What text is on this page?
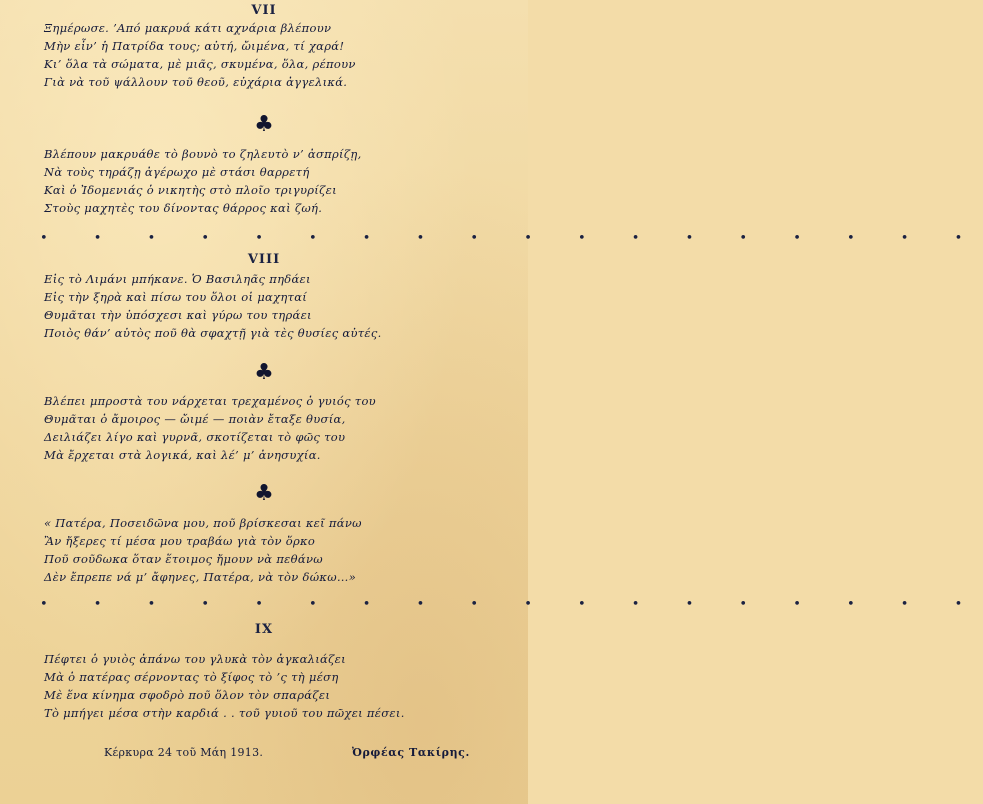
VII
Ξημέρωσε. ’Από μακρυά κάτι αχνάρια βλέπουν
Μὴν εἶν’ ἡ Πατρίδα τους; αὐτή, ὤιμένα, τί χαρά!
Κι’ ὅλα τὰ σώματα, μὲ μιᾶς, σκυμένα, ὅλα, ρέπουν
Γιὰ νὰ τοῦ ψάλλουν τοῦ θεοῦ, εὐχάρια ἀγγελικά.
♣
Βλέπουν μακρυάθε τὸ βουνὸ το ζηλευτὸ ν’ ἀσπρίζῃ,
Νὰ τοὺς τηράζῃ ἀγέρωχο μὲ στάσι θαρρετή
Καὶ ὁ Ἰδομενιάς ὁ νικητὴς στὸ πλοῖο τριγυρίζει
Στοὺς μαχητὲς του δίνοντας θάρρος καὶ ζωή.
• • • • • • • • • • • • • • • • • •
VIII
Εἰς τὸ Λιμάνι μπήκανε. Ὁ Βασιληᾶς πηδάει
Εἰς τὴν ξηρὰ καὶ πίσω του ὅλοι οἱ μαχηταί
Θυμᾶται τὴν ὑπόσχεσι καὶ γύρω του τηράει
Ποιὸς θάν’ αὐτὸς ποῦ θὰ σφαχτῇ γιὰ τὲς θυσίες αὐτές.
♣
Βλέπει μπροστὰ του νάρχεται τρεχαμένος ὁ γυιός του
Θυμᾶται ὁ ἄμοιρος — ὤιμέ — ποιὰν ἔταξε θυσία,
Δειλιάζει λίγο καὶ γυρνᾶ, σκοτίζεται τὸ φῶς του
Μὰ ἔρχεται στὰ λογικά, καὶ λέ’ μ’ ἀνησυχία.
♣
« Πατέρα, Ποσειδῶνα μου, ποῦ βρίσκεσαι κεῖ πάνω
Ἂν ἤξερες τί μέσα μου τραβάω γιὰ τὸν ὅρκο
Ποῦ σοῦδωκα ὅταν ἕτοιμος ἤμουν νὰ πεθάνω
Δὲν ἔπρεπε νά μ’ ἄφηνες, Πατέρα, νὰ τὸν δώκω…»
• • • • • • • • • • • • • • • • • •
IX
Πέφτει ὁ γυιὸς ἀπάνω του γλυκὰ τὸν ἀγκαλιάζει
Μὰ ὁ πατέρας σέρνοντας τὸ ξίφος τὸ ’ς τὴ μέση
Μὲ ἕνα κίνημα σφοδρὸ ποῦ ὅλον τὸν σπαράζει
Τὸ μπήγει μέσα στὴν καρδιά . . τοῦ γυιοῦ του πῶχει πέσει.
Κέρκυρα 24 τοῦ Μάη 1913.	Ὀρφέας Τακίρης.
